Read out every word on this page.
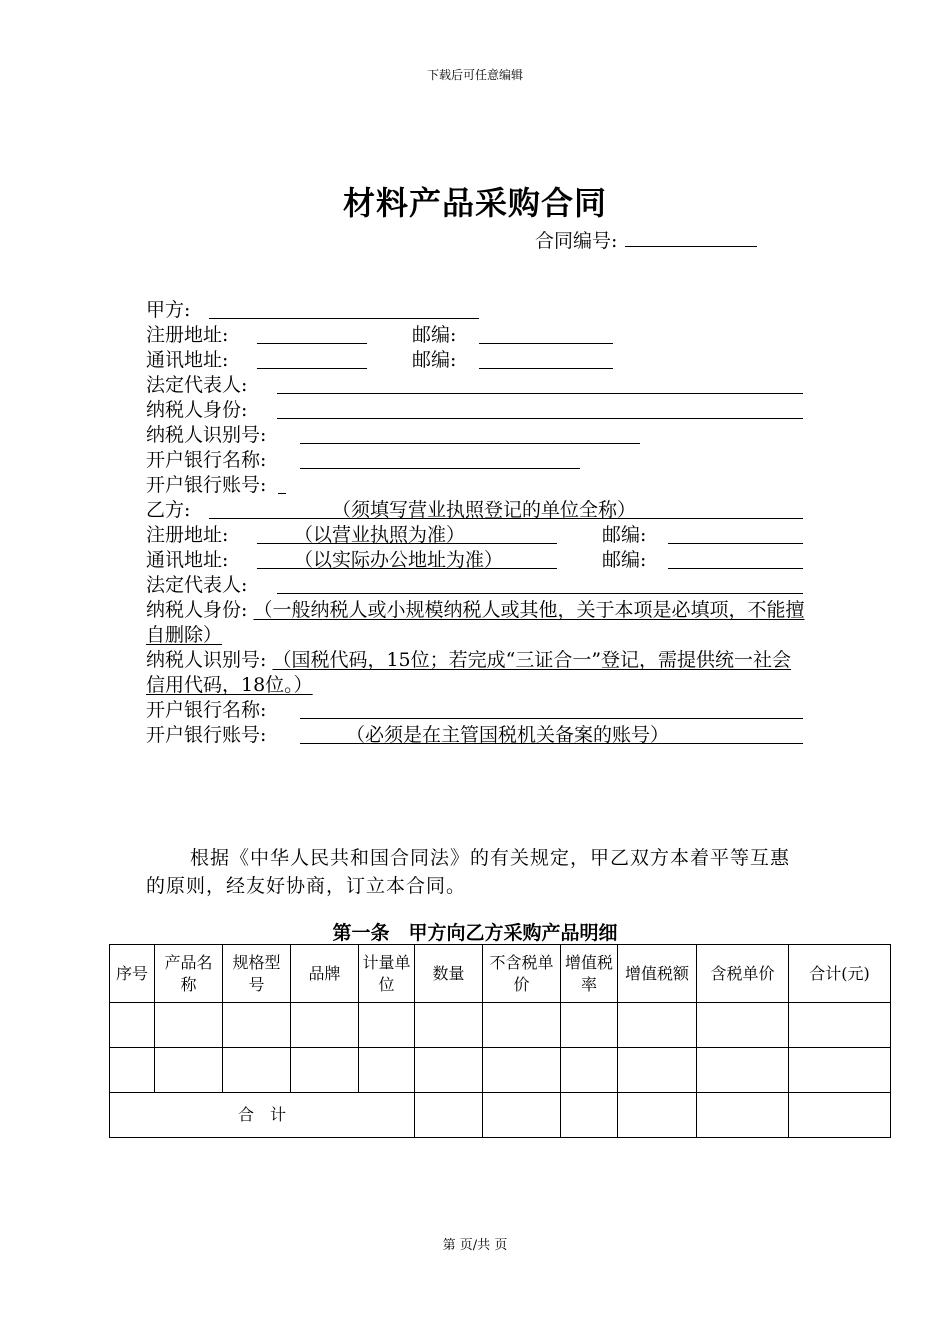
下载后可任意编辑
材料产品采购合同
合同编号:
甲方:
注册地址:	邮编:
通讯地址:	邮编:
法定代表人:
纳税人身份:
纳税人识别号:
开户银行名称:
开户银行账号:
乙方:	（须填写营业执照登记的单位全称）
注册地址:	（以营业执照为准）	邮编:
通讯地址:	（以实际办公地址为准）	邮编:
法定代表人:
纳税人身份: （一般纳税人或小规模纳税人或其他，关于本项是必填项，不能擅自删除）
纳税人识别号: （国税代码，15位；若完成“三证合一”登记，需提供统一社会信用代码，18位。）
开户银行名称:
开户银行账号:	（必须是在主管国税机关备案的账号）
根据《中华人民共和国合同法》的有关规定，甲乙双方本着平等互惠的原则，经友好协商，订立本合同。
第一条　甲方向乙方采购产品明细
序号	产品名称	规格型号	品牌	计量单位	数量	不含税单价	增值税率	增值税额	含税单价	合计(元)

合　计										
第 页/共 页
